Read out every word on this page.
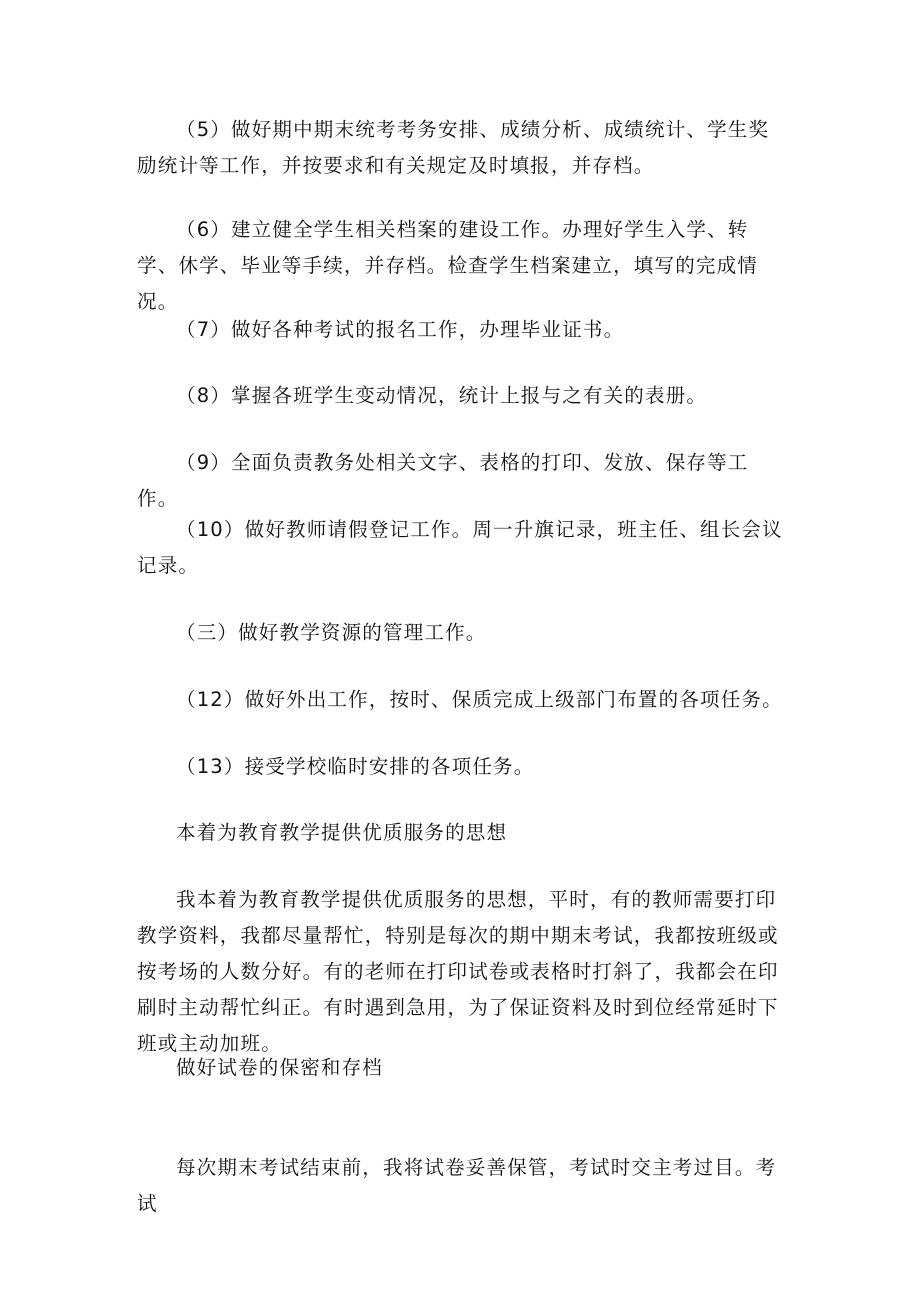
（5）做好期中期末统考考务安排、成绩分析、成绩统计、学生奖励统计等工作，并按要求和有关规定及时填报，并存档。

（6）建立健全学生相关档案的建设工作。办理好学生入学、转学、休学、毕业等手续，并存档。检查学生档案建立，填写的完成情况。

（7）做好各种考试的报名工作，办理毕业证书。

（8）掌握各班学生变动情况，统计上报与之有关的表册。

（9）全面负责教务处相关文字、表格的打印、发放、保存等工作。

（10）做好教师请假登记工作。周一升旗记录，班主任、组长会议记录。

（三）做好教学资源的管理工作。

（12）做好外出工作，按时、保质完成上级部门布置的各项任务。

（13）接受学校临时安排的各项任务。

本着为教育教学提供优质服务的思想

我本着为教育教学提供优质服务的思想，平时，有的教师需要打印教学资料，我都尽量帮忙，特别是每次的期中期末考试，我都按班级或按考场的人数分好。有的老师在打印试卷或表格时打斜了，我都会在印刷时主动帮忙纠正。有时遇到急用，为了保证资料及时到位经常延时下班或主动加班。

做好试卷的保密和存档

每次期末考试结束前，我将试卷妥善保管，考试时交主考过目。考试
